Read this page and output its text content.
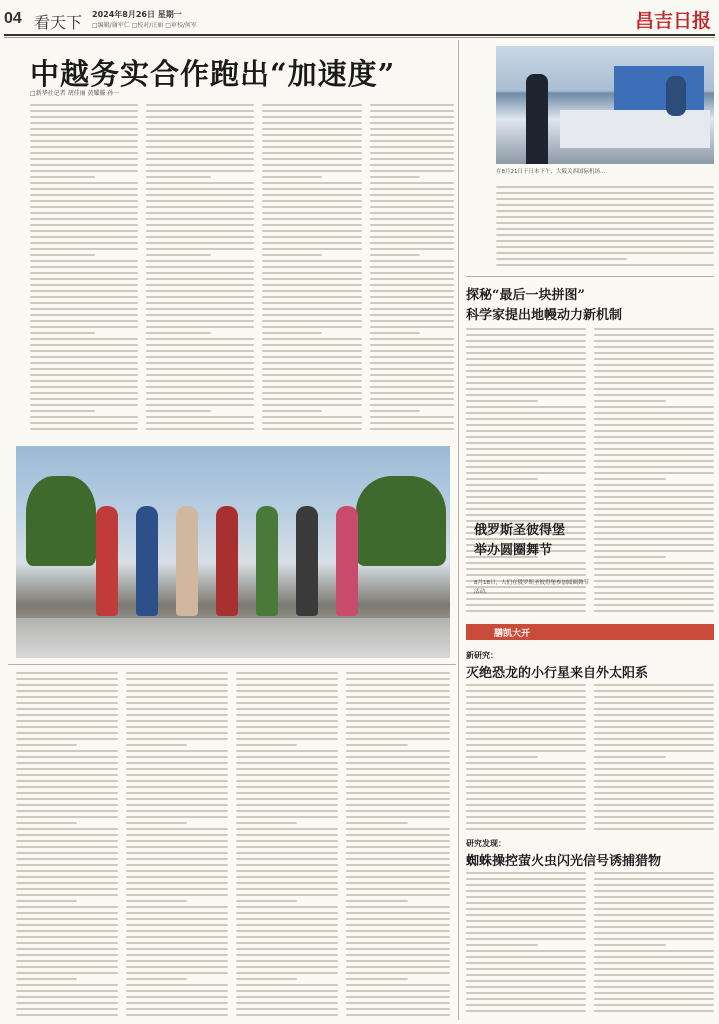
04 看天下
2024年8月26日 星期一
□编辑/谢军仁 □校对/汪丽 □审校/何军	昌吉日报
中越务实合作跑出“加速度”
□新华社记者 胡佳丽 黄耀滕 孙一
在8月21日于日本下午、大阪关西国际机场...
探秘“最后一块拼图”
科学家提出地幔动力新机制
俄罗斯圣彼得堡
举办圆圈舞节
8月18日，人们在俄罗斯圣彼得堡参加圆圈舞节活动。
膳凯大开
新研究：
灭绝恐龙的小行星来自外太阳系
研究发现：
蜘蛛操控萤火虫闪光信号诱捕猎物
